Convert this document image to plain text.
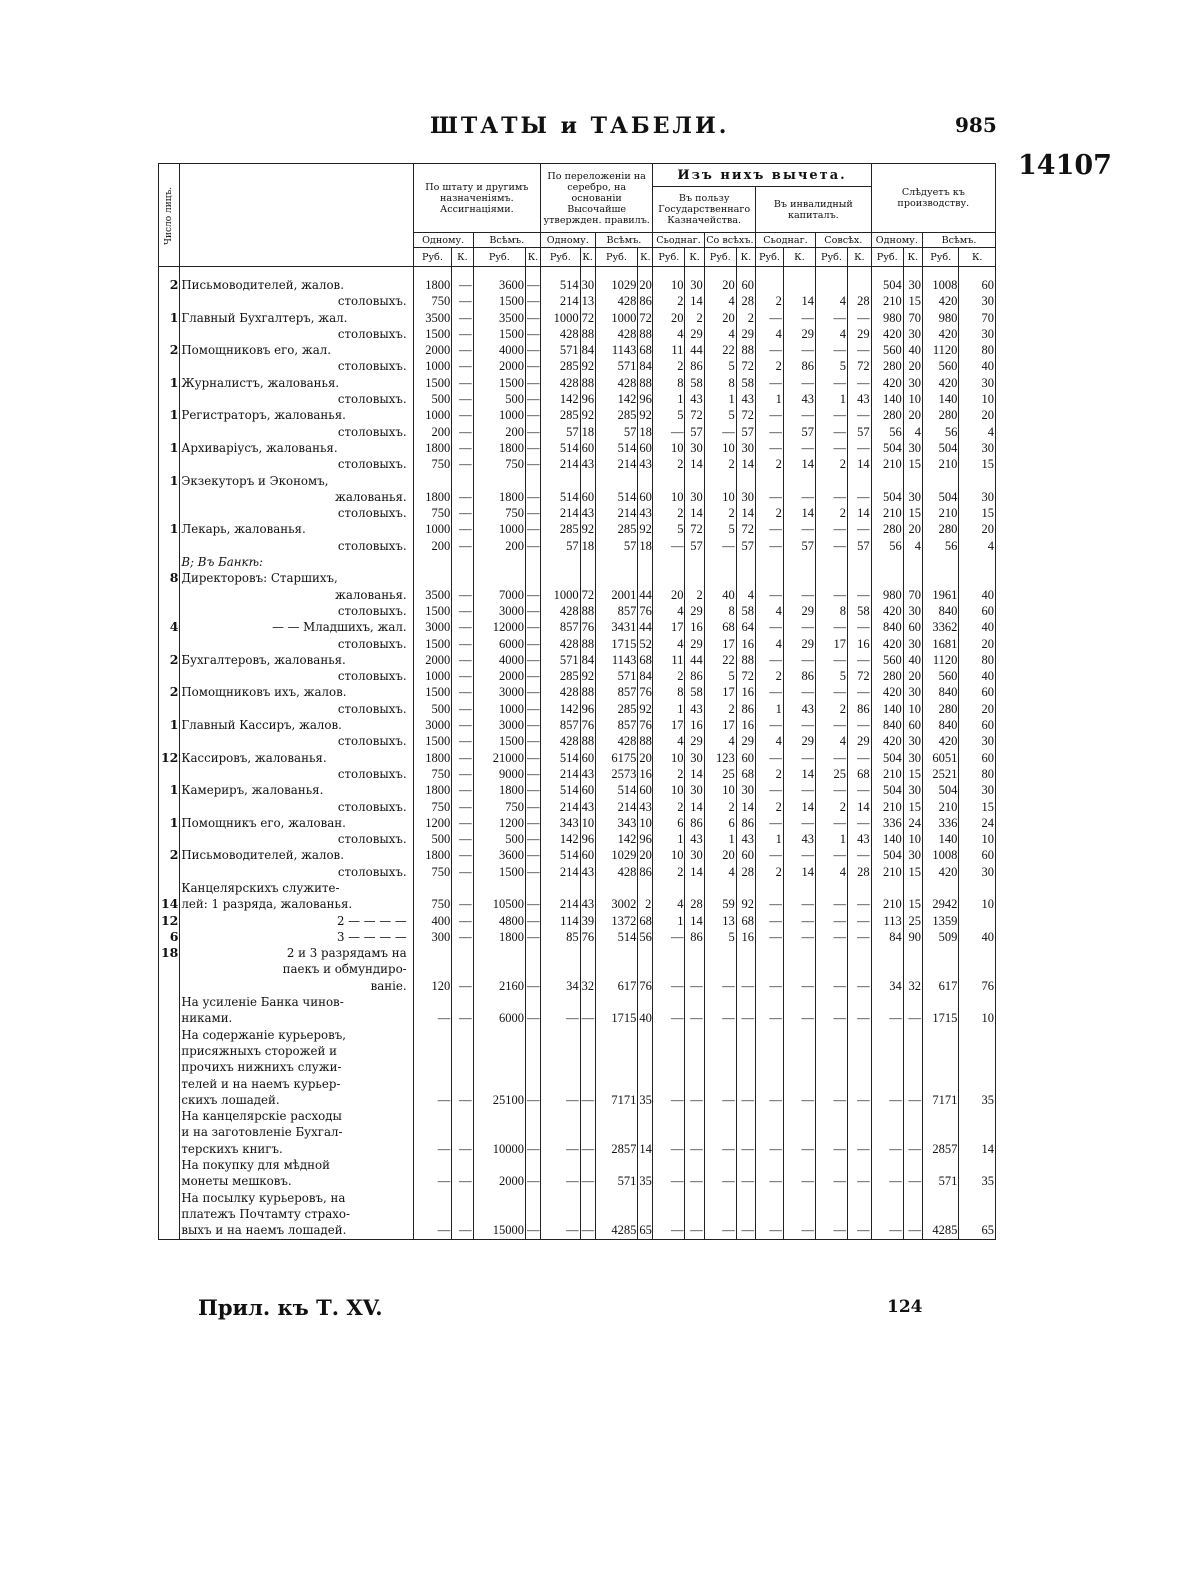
ШТАТЫ и ТАБЕЛИ.	985
14107
Число лицъ.		По штату и другимъ назначеніямъ. Ассигнаціями.				По переложеніи на серебро, на основаніи Высочайше утвержден. правилъ.				Изъ нихъ вычета.								Слѣдуетъ къ производству.			
										Въ пользу Государственнаго Казначейства.				Въ инвалидный капиталъ.							
		Одному.		Всѣмъ.		Одному.		Всѣмъ.		Сьоднаг.		Со всѣхъ.		Сьоднаг.		Совсѣх.		Одному.		Всѣмъ.	
		Руб.	К.	Руб.	К.	Руб.	К.	Руб.	К.	Руб.	К.	Руб.	К.	Руб.	К.	Руб.	К.	Руб.	К.	Руб.	К.
2	Письмоводителей, жалов.	1800	—	3600	—	514	30	1029	20	10	30	20	60					504	30	1008	60
	столовыхъ.	750	—	1500	—	214	13	428	86	2	14	4	28	2	14	4	28	210	15	420	30
1	Главный Бухгалтеръ, жал.	3500	—	3500	—	1000	72	1000	72	20	2	20	2	—	—	—	—	980	70	980	70
	столовыхъ.	1500	—	1500	—	428	88	428	88	4	29	4	29	4	29	4	29	420	30	420	30
2	Помощниковъ его, жал.	2000	—	4000	—	571	84	1143	68	11	44	22	88	—	—	—	—	560	40	1120	80
	столовыхъ.	1000	—	2000	—	285	92	571	84	2	86	5	72	2	86	5	72	280	20	560	40
1	Журналистъ, жалованья.	1500	—	1500	—	428	88	428	88	8	58	8	58	—	—	—	—	420	30	420	30
	столовыхъ.	500	—	500	—	142	96	142	96	1	43	1	43	1	43	1	43	140	10	140	10
1	Регистраторъ, жалованья.	1000	—	1000	—	285	92	285	92	5	72	5	72	—	—	—	—	280	20	280	20
	столовыхъ.	200	—	200	—	57	18	57	18	—	57	—	57	—	57	—	57	56	4	56	4
1	Архиваріусъ, жалованья.	1800	—	1800	—	514	60	514	60	10	30	10	30	—	—	—	—	504	30	504	30
	столовыхъ.	750	—	750	—	214	43	214	43	2	14	2	14	2	14	2	14	210	15	210	15
1	Экзекуторъ и Экономъ,																				
	жалованья.	1800	—	1800	—	514	60	514	60	10	30	10	30	—	—	—	—	504	30	504	30
	столовыхъ.	750	—	750	—	214	43	214	43	2	14	2	14	2	14	2	14	210	15	210	15
1	Лекарь, жалованья.	1000	—	1000	—	285	92	285	92	5	72	5	72	—	—	—	—	280	20	280	20
	столовыхъ.	200	—	200	—	57	18	57	18	—	57	—	57	—	57	—	57	56	4	56	4
	В; Въ Банкѣ:																				
8	Директоровъ: Старшихъ,																				
	жалованья.	3500	—	7000	—	1000	72	2001	44	20	2	40	4	—	—	—	—	980	70	1961	40
	столовыхъ.	1500	—	3000	—	428	88	857	76	4	29	8	58	4	29	8	58	420	30	840	60
4	— — Младшихъ, жал.	3000	—	12000	—	857	76	3431	44	17	16	68	64	—	—	—	—	840	60	3362	40
	столовыхъ.	1500	—	6000	—	428	88	1715	52	4	29	17	16	4	29	17	16	420	30	1681	20
2	Бухгалтеровъ, жалованья.	2000	—	4000	—	571	84	1143	68	11	44	22	88	—	—	—	—	560	40	1120	80
	столовыхъ.	1000	—	2000	—	285	92	571	84	2	86	5	72	2	86	5	72	280	20	560	40
2	Помощниковъ ихъ, жалов.	1500	—	3000	—	428	88	857	76	8	58	17	16	—	—	—	—	420	30	840	60
	столовыхъ.	500	—	1000	—	142	96	285	92	1	43	2	86	1	43	2	86	140	10	280	20
1	Главный Кассиръ, жалов.	3000	—	3000	—	857	76	857	76	17	16	17	16	—	—	—	—	840	60	840	60
	столовыхъ.	1500	—	1500	—	428	88	428	88	4	29	4	29	4	29	4	29	420	30	420	30
12	Кассировъ, жалованья.	1800	—	21000	—	514	60	6175	20	10	30	123	60	—	—	—	—	504	30	6051	60
	столовыхъ.	750	—	9000	—	214	43	2573	16	2	14	25	68	2	14	25	68	210	15	2521	80
1	Камериръ, жалованья.	1800	—	1800	—	514	60	514	60	10	30	10	30	—	—	—	—	504	30	504	30
	столовыхъ.	750	—	750	—	214	43	214	43	2	14	2	14	2	14	2	14	210	15	210	15
1	Помощникъ его, жалован.	1200	—	1200	—	343	10	343	10	6	86	6	86	—	—	—	—	336	24	336	24
	столовыхъ.	500	—	500	—	142	96	142	96	1	43	1	43	1	43	1	43	140	10	140	10
2	Письмоводителей, жалов.	1800	—	3600	—	514	60	1029	20	10	30	20	60	—	—	—	—	504	30	1008	60
	столовыхъ.	750	—	1500	—	214	43	428	86	2	14	4	28	2	14	4	28	210	15	420	30
	Канцелярскихъ служите-																				
14	лей: 1 разряда, жалованья.	750	—	10500	—	214	43	3002	2	4	28	59	92	—	—	—	—	210	15	2942	10
12	2 — — — —	400	—	4800	—	114	39	1372	68	1	14	13	68	—	—	—	—	113	25	1359	
6	3 — — — —	300	—	1800	—	85	76	514	56	—	86	5	16	—	—	—	—	84	90	509	40
18	2 и 3 разрядамъ на																				
	паекъ и обмундиро-																				
	ваніе.	120	—	2160	—	34	32	617	76	—	—	—	—	—	—	—	—	34	32	617	76
	На усиленіе Банка чинов-																				
	никами.	—	—	6000	—	—	—	1715	40	—	—	—	—	—	—	—	—	—	—	1715	10
	На содержаніе курьеровъ,																				
	присяжныхъ сторожей и																				
	прочихъ нижнихъ служи-																				
	телей и на наемъ курьер-																				
	скихъ лошадей.	—	—	25100	—	—	—	7171	35	—	—	—	—	—	—	—	—	—	—	7171	35
	На канцелярскіе расходы																				
	и на заготовленіе Бухгал-																				
	терскихъ книгъ.	—	—	10000	—	—	—	2857	14	—	—	—	—	—	—	—	—	—	—	2857	14
	На покупку для мѣдной																				
	монеты мешковъ.	—	—	2000	—	—	—	571	35	—	—	—	—	—	—	—	—	—	—	571	35
	На посылку курьеровъ, на																				
	платежъ Почтамту страхо-																				
	выхъ и на наемъ лошадей.	—	—	15000	—	—	—	4285	65	—	—	—	—	—	—	—	—	—	—	4285	65
Прил. къ Т. XV.	124
